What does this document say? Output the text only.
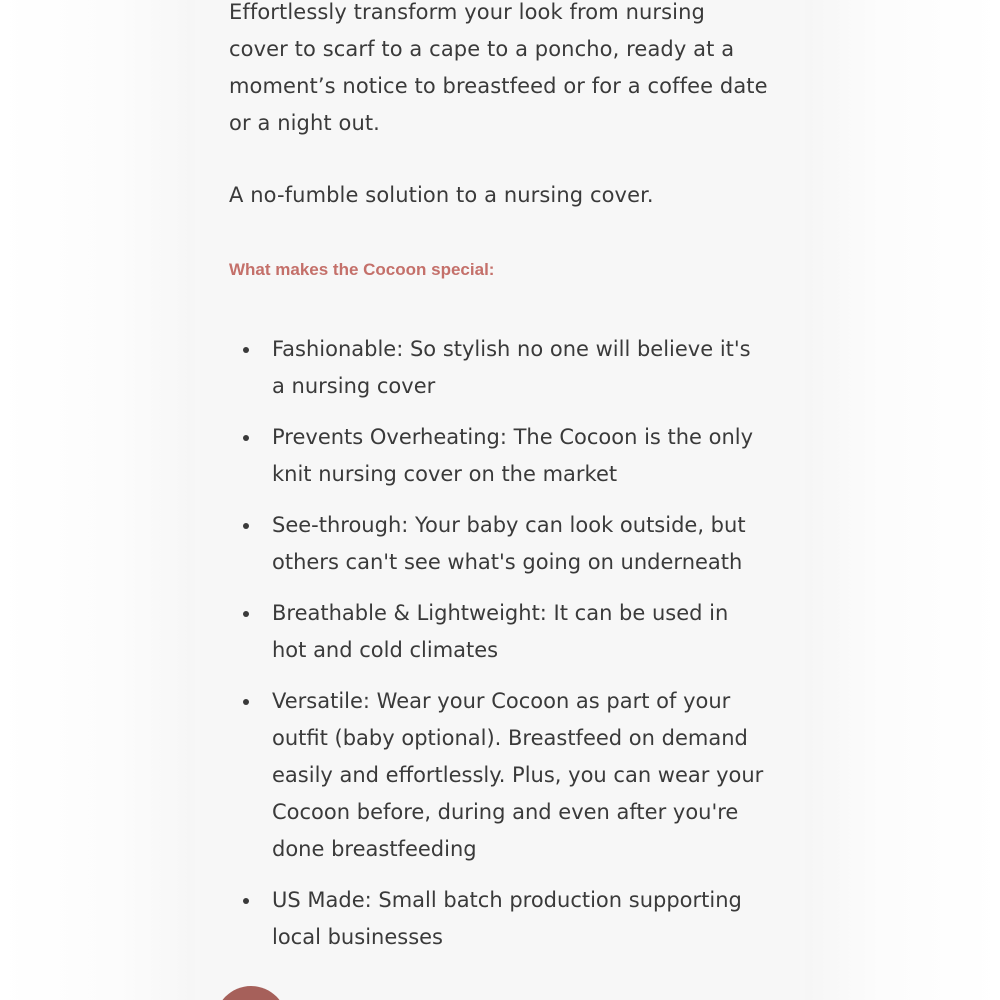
Effortlessly transform your look from nursing cover to scarf to a cape to a poncho, ready at a moment’s notice to breastfeed or for a coffee date or a night out.

A no-fumble solution to a nursing cover.

What makes the Cocoon special:
Fashionable: So stylish no one will believe it's a nursing cover
Prevents Overheating: The Cocoon is the only knit nursing cover on the market
See-through: Your baby can look outside, but others can't see what's going on underneath
Breathable & Lightweight: It can be used in hot and cold climates
Versatile: Wear your Cocoon as part of your outfit (baby optional). Breastfeed on demand easily and effortlessly. Plus, you can wear your Cocoon before, during and even after you're done breastfeeding
US Made: Small batch production supporting local businesses
